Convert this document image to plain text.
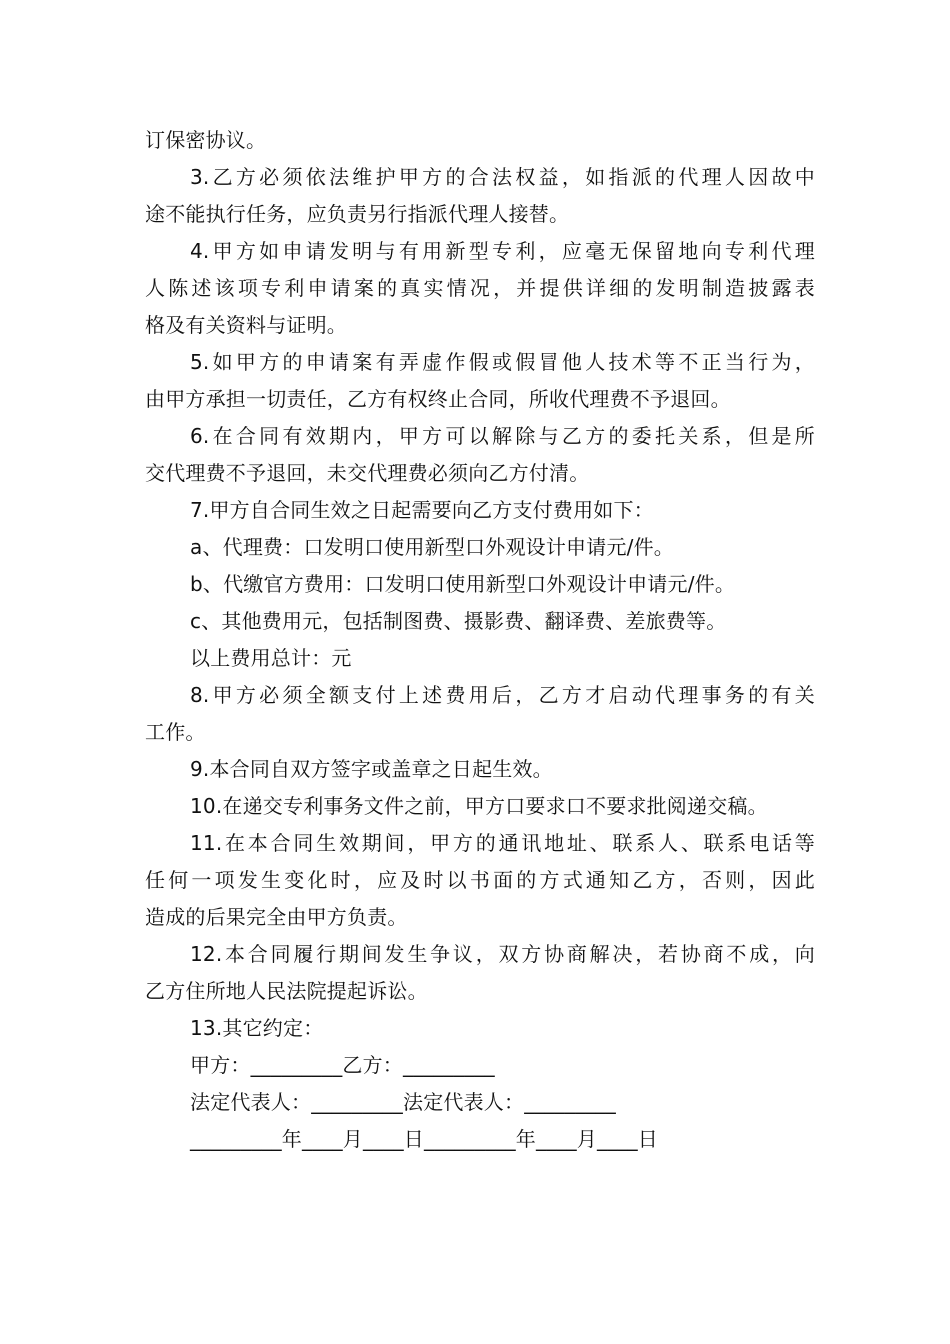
订保密协议。
3.乙方必须依法维护甲方的合法权益，如指派的代理人因故中
途不能执行任务，应负责另行指派代理人接替。
4.甲方如申请发明与有用新型专利，应毫无保留地向专利代理
人陈述该项专利申请案的真实情况，并提供详细的发明制造披露表
格及有关资料与证明。
5.如甲方的申请案有弄虚作假或假冒他人技术等不正当行为，
由甲方承担一切责任，乙方有权终止合同，所收代理费不予退回。
6.在合同有效期内，甲方可以解除与乙方的委托关系，但是所
交代理费不予退回，未交代理费必须向乙方付清。
7.甲方自合同生效之日起需要向乙方支付费用如下：
a、代理费：口发明口使用新型口外观设计申请元/件。
b、代缴官方费用：口发明口使用新型口外观设计申请元/件。
c、其他费用元，包括制图费、摄影费、翻译费、差旅费等。
以上费用总计：元
8.甲方必须全额支付上述费用后，乙方才启动代理事务的有关
工作。
9.本合同自双方签字或盖章之日起生效。
10.在递交专利事务文件之前，甲方口要求口不要求批阅递交稿。
11.在本合同生效期间，甲方的通讯地址、联系人、联系电话等
任何一项发生变化时，应及时以书面的方式通知乙方，否则，因此
造成的后果完全由甲方负责。
12.本合同履行期间发生争议，双方协商解决，若协商不成，向
乙方住所地人民法院提起诉讼。
13.其它约定：
甲方：_________乙方：_________
法定代表人：_________法定代表人：_________
_________年____月____日_________年____月____日
